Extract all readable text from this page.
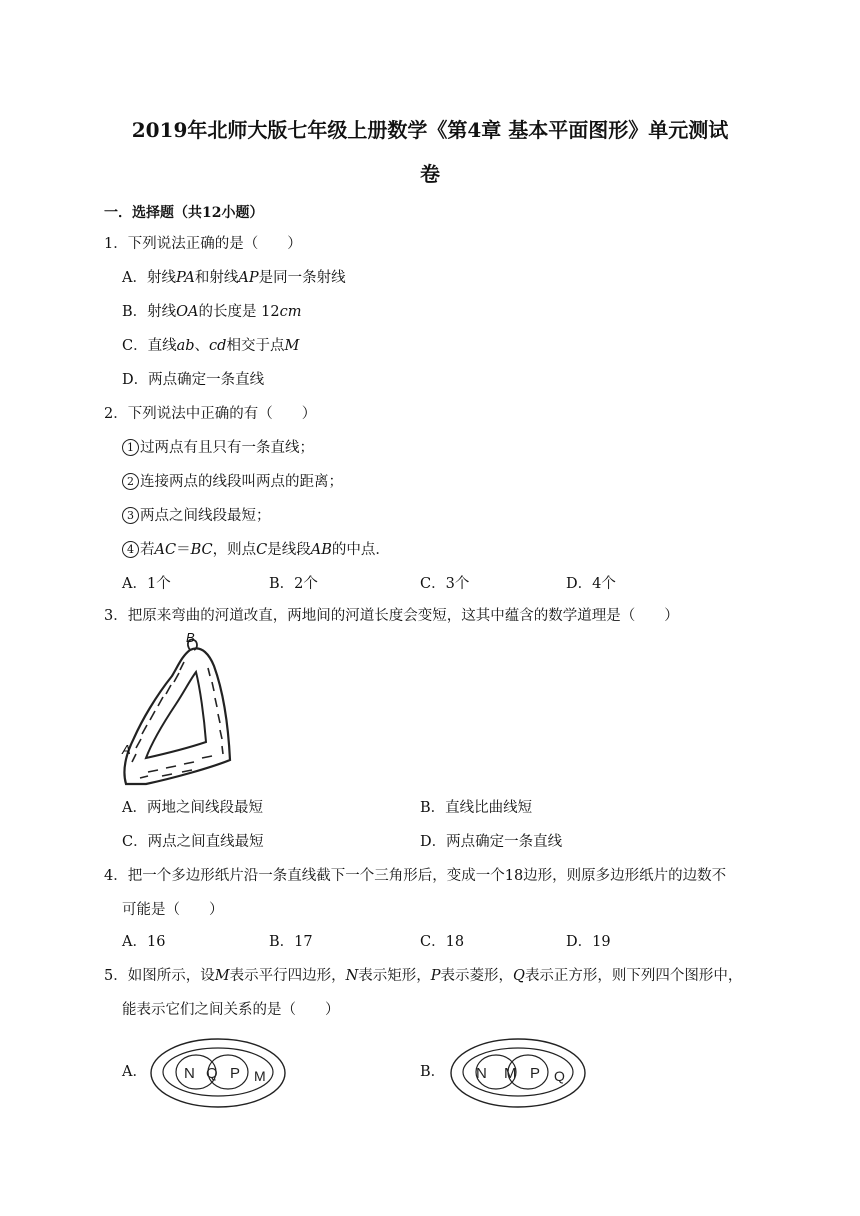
2019年北师大版七年级上册数学《第4章 基本平面图形》单元测试
卷
一．选择题（共12小题）
1．下列说法正确的是（　　）
A．射线PA和射线AP是同一条射线
B．射线OA的长度是 12cm
C．直线ab、cd相交于点M
D．两点确定一条直线
2．下列说法中正确的有（　　）
1 过两点有且只有一条直线；
2 连接两点的线段叫两点的距离；
3 两点之间线段最短；
4 若AC＝BC，则点C是线段AB的中点．
A．1个	B．2个	C．3个	D．4个
3．把原来弯曲的河道改直，两地间的河道长度会变短，这其中蕴含的数学道理是（　　）
B
A
A．两地之间线段最短	B．直线比曲线短
C．两点之间直线最短	D．两点确定一条直线
4．把一个多边形纸片沿一条直线截下一个三角形后，变成一个18边形，则原多边形纸片的边数不
可能是（　　）
A．16	B．17	C．18	D．19
5．如图所示，设M表示平行四边形，N表示矩形，P表示菱形，Q表示正方形，则下列四个图形中，
能表示它们之间关系的是（　　）
A． N Q P M	B． N M P Q
